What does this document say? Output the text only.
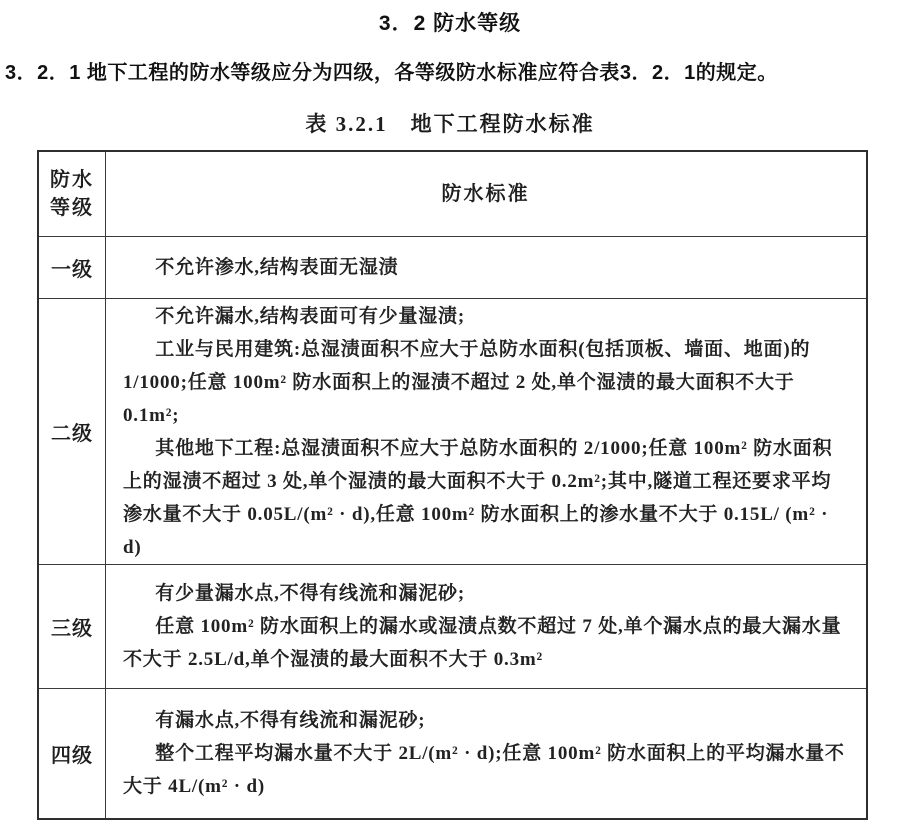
3．2 防水等级
3．2．1 地下工程的防水等级应分为四级，各等级防水标准应符合表3．2．1的规定。
表 3.2.1　地下工程防水标准
防水
等级
防水标准
一级	不允许渗水,结构表面无湿渍

二级

不允许漏水,结构表面可有少量湿渍;

工业与民用建筑:总湿渍面积不应大于总防水面积(包括顶板、墙面、地面)的 1/1000;任意 100m² 防水面积上的湿渍不超过 2 处,单个湿渍的最大面积不大于 0.1m²;

其他地下工程:总湿渍面积不应大于总防水面积的 2/1000;任意 100m² 防水面积上的湿渍不超过 3 处,单个湿渍的最大面积不大于 0.2m²;其中,隧道工程还要求平均渗水量不大于 0.05L/(m² · d),任意 100m² 防水面积上的渗水量不大于 0.15L/ (m² · d)

三级

有少量漏水点,不得有线流和漏泥砂;

任意 100m² 防水面积上的漏水或湿渍点数不超过 7 处,单个漏水点的最大漏水量不大于 2.5L/d,单个湿渍的最大面积不大于 0.3m²

四级

有漏水点,不得有线流和漏泥砂;

整个工程平均漏水量不大于 2L/(m² · d);任意 100m² 防水面积上的平均漏水量不大于 4L/(m² · d)
